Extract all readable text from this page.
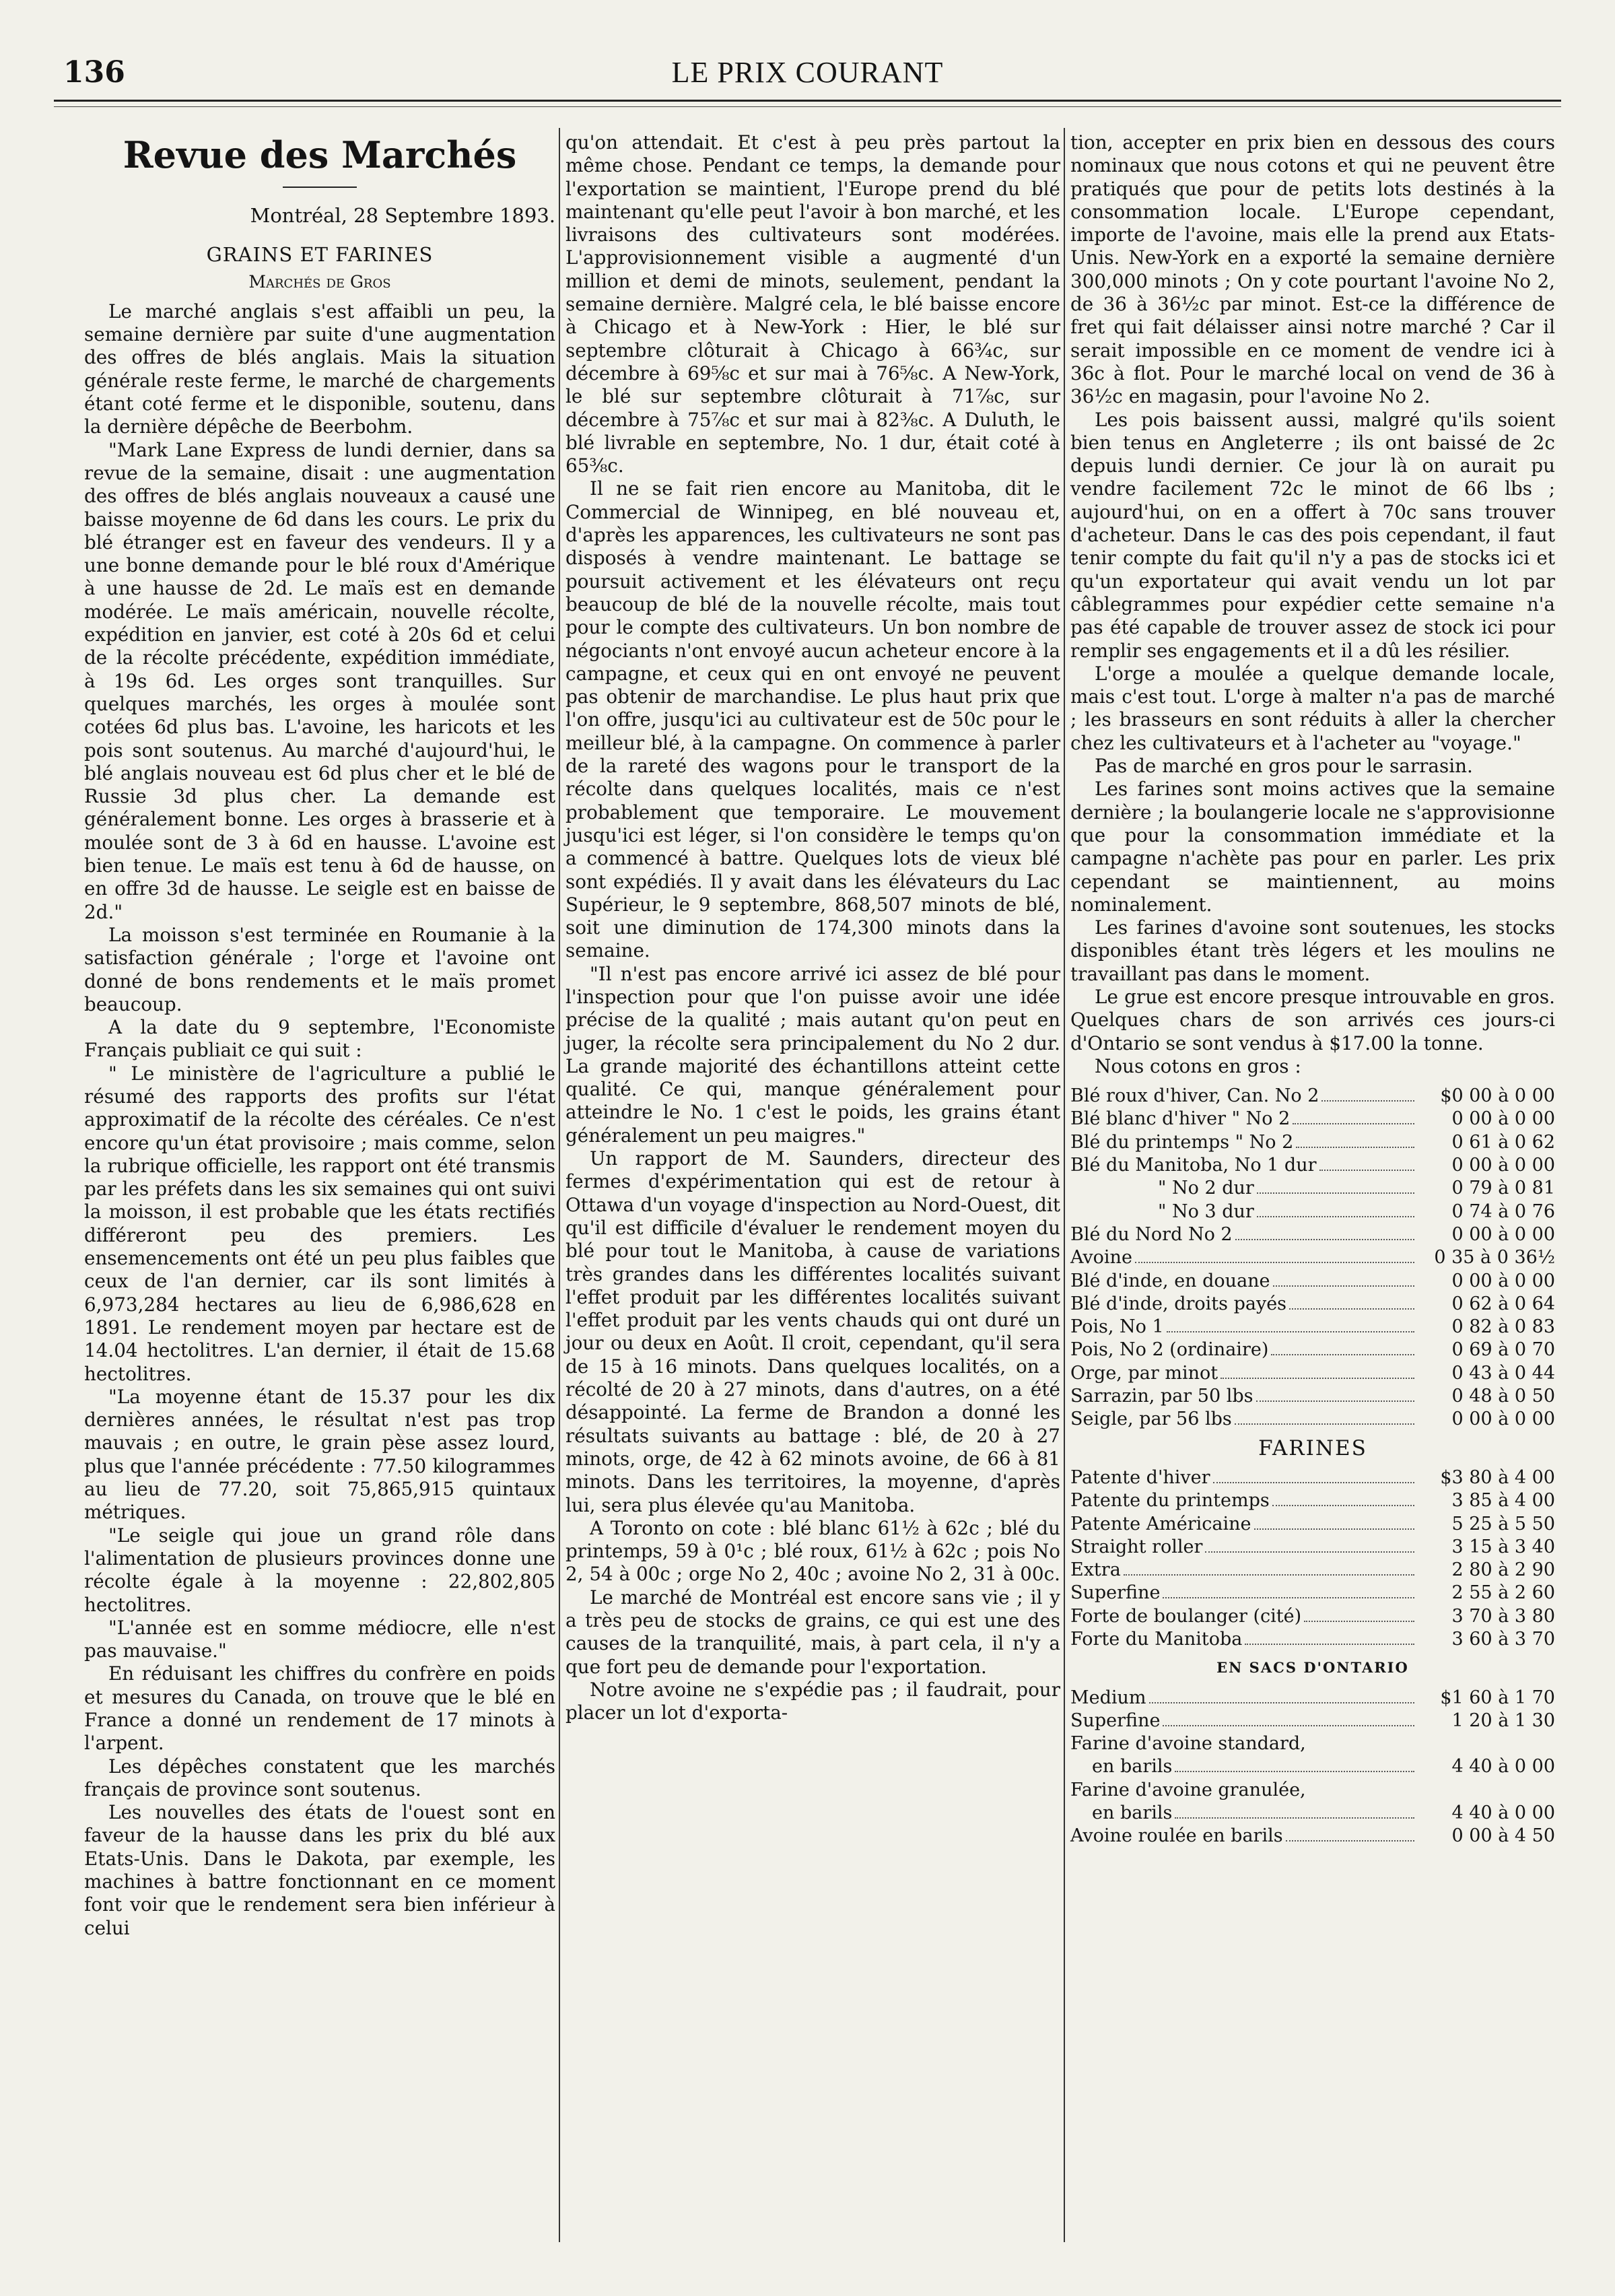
136	LE PRIX COURANT
Revue des Marchés
Montréal, 28 Septembre 1893.
GRAINS ET FARINES
Marchés de Gros

Le marché anglais s'est affaibli un peu, la semaine dernière par suite d'une augmentation des offres de blés anglais. Mais la situation générale reste ferme, le marché de chargements étant coté ferme et le disponible, soutenu, dans la dernière dépêche de Beerbohm.

"Mark Lane Express de lundi dernier, dans sa revue de la semaine, disait : une augmentation des offres de blés anglais nouveaux a causé une baisse moyenne de 6d dans les cours. Le prix du blé étranger est en faveur des vendeurs. Il y a une bonne demande pour le blé roux d'Amérique à une hausse de 2d. Le maïs est en demande modérée. Le maïs américain, nouvelle récolte, expédition en janvier, est coté à 20s 6d et celui de la récolte précédente, expédition immédiate, à 19s 6d. Les orges sont tranquilles. Sur quelques marchés, les orges à moulée sont cotées 6d plus bas. L'avoine, les haricots et les pois sont soutenus. Au marché d'aujourd'hui, le blé anglais nouveau est 6d plus cher et le blé de Russie 3d plus cher. La demande est généralement bonne. Les orges à brasserie et à moulée sont de 3 à 6d en hausse. L'avoine est bien tenue. Le maïs est tenu à 6d de hausse, on en offre 3d de hausse. Le seigle est en baisse de 2d."

La moisson s'est terminée en Roumanie à la satisfaction générale ; l'orge et l'avoine ont donné de bons rendements et le maïs promet beaucoup.

A la date du 9 septembre, l'Economiste Français publiait ce qui suit :

" Le ministère de l'agriculture a publié le résumé des rapports des profits sur l'état approximatif de la récolte des céréales. Ce n'est encore qu'un état provisoire ; mais comme, selon la rubrique officielle, les rapport ont été transmis par les préfets dans les six semaines qui ont suivi la moisson, il est probable que les états rectifiés différeront peu des premiers. Les ensemencements ont été un peu plus faibles que ceux de l'an dernier, car ils sont limités à 6,973,284 hectares au lieu de 6,986,628 en 1891. Le rendement moyen par hectare est de 14.04 hectolitres. L'an dernier, il était de 15.68 hectolitres.

"La moyenne étant de 15.37 pour les dix dernières années, le résultat n'est pas trop mauvais ; en outre, le grain pèse assez lourd, plus que l'année précédente : 77.50 kilogrammes au lieu de 77.20, soit 75,865,915 quintaux métriques.

"Le seigle qui joue un grand rôle dans l'alimentation de plusieurs provinces donne une récolte égale à la moyenne : 22,802,805 hectolitres.

"L'année est en somme médiocre, elle n'est pas mauvaise."

En réduisant les chiffres du confrère en poids et mesures du Canada, on trouve que le blé en France a donné un rendement de 17 minots à l'arpent.

Les dépêches constatent que les marchés français de province sont soutenus.

Les nouvelles des états de l'ouest sont en faveur de la hausse dans les prix du blé aux Etats-Unis. Dans le Dakota, par exemple, les machines à battre fonctionnant en ce moment font voir que le rendement sera bien inférieur à celui

qu'on attendait. Et c'est à peu près partout la même chose. Pendant ce temps, la demande pour l'exportation se maintient, l'Europe prend du blé maintenant qu'elle peut l'avoir à bon marché, et les livraisons des cultivateurs sont modérées. L'approvisionnement visible a augmenté d'un million et demi de minots, seulement, pendant la semaine dernière. Malgré cela, le blé baisse encore à Chicago et à New-York : Hier, le blé sur septembre clôturait à Chicago à 66¾c, sur décembre à 69⅝c et sur mai à 76⅝c. A New-York, le blé sur septembre clôturait à 71⅞c, sur décembre à 75⅞c et sur mai à 82⅜c. A Duluth, le blé livrable en septembre, No. 1 dur, était coté à 65⅜c.

Il ne se fait rien encore au Manitoba, dit le Commercial de Winnipeg, en blé nouveau et, d'après les apparences, les cultivateurs ne sont pas disposés à vendre maintenant. Le battage se poursuit activement et les élévateurs ont reçu beaucoup de blé de la nouvelle récolte, mais tout pour le compte des cultivateurs. Un bon nombre de négociants n'ont envoyé aucun acheteur encore à la campagne, et ceux qui en ont envoyé ne peuvent pas obtenir de marchandise. Le plus haut prix que l'on offre, jusqu'ici au cultivateur est de 50c pour le meilleur blé, à la campagne. On commence à parler de la rareté des wagons pour le transport de la récolte dans quelques localités, mais ce n'est probablement que temporaire. Le mouvement jusqu'ici est léger, si l'on considère le temps qu'on a commencé à battre. Quelques lots de vieux blé sont expédiés. Il y avait dans les élévateurs du Lac Supérieur, le 9 septembre, 868,507 minots de blé, soit une diminution de 174,300 minots dans la semaine.

"Il n'est pas encore arrivé ici assez de blé pour l'inspection pour que l'on puisse avoir une idée précise de la qualité ; mais autant qu'on peut en juger, la récolte sera principalement du No 2 dur. La grande majorité des échantillons atteint cette qualité. Ce qui, manque généralement pour atteindre le No. 1 c'est le poids, les grains étant généralement un peu maigres."

Un rapport de M. Saunders, directeur des fermes d'expérimentation qui est de retour à Ottawa d'un voyage d'inspection au Nord-Ouest, dit qu'il est difficile d'évaluer le rendement moyen du blé pour tout le Manitoba, à cause de variations très grandes dans les différentes localités suivant l'effet produit par les différentes localités suivant l'effet produit par les vents chauds qui ont duré un jour ou deux en Août. Il croit, cependant, qu'il sera de 15 à 16 minots. Dans quelques localités, on a récolté de 20 à 27 minots, dans d'autres, on a été désappointé. La ferme de Brandon a donné les résultats suivants au battage : blé, de 20 à 27 minots, orge, de 42 à 62 minots avoine, de 66 à 81 minots. Dans les territoires, la moyenne, d'après lui, sera plus élevée qu'au Manitoba.

A Toronto on cote : blé blanc 61½ à 62c ; blé du printemps, 59 à 0¹c ; blé roux, 61½ à 62c ; pois No 2, 54 à 00c ; orge No 2, 40c ; avoine No 2, 31 à 00c.

Le marché de Montréal est encore sans vie ; il y a très peu de stocks de grains, ce qui est une des causes de la tranquilité, mais, à part cela, il n'y a que fort peu de demande pour l'exportation.

Notre avoine ne s'expédie pas ; il faudrait, pour placer un lot d'exporta-

tion, accepter en prix bien en dessous des cours nominaux que nous cotons et qui ne peuvent être pratiqués que pour de petits lots destinés à la consommation locale. L'Europe cependant, importe de l'avoine, mais elle la prend aux Etats-Unis. New-York en a exporté la semaine dernière 300,000 minots ; On y cote pourtant l'avoine No 2, de 36 à 36½c par minot. Est-ce la différence de fret qui fait délaisser ainsi notre marché ? Car il serait impossible en ce moment de vendre ici à 36c à flot. Pour le marché local on vend de 36 à 36½c en magasin, pour l'avoine No 2.

Les pois baissent aussi, malgré qu'ils soient bien tenus en Angleterre ; ils ont baissé de 2c depuis lundi dernier. Ce jour là on aurait pu vendre facilement 72c le minot de 66 lbs ; aujourd'hui, on en a offert à 70c sans trouver d'acheteur. Dans le cas des pois cependant, il faut tenir compte du fait qu'il n'y a pas de stocks ici et qu'un exportateur qui avait vendu un lot par câblegrammes pour expédier cette semaine n'a pas été capable de trouver assez de stock ici pour remplir ses engagements et il a dû les résilier.

L'orge a moulée a quelque demande locale, mais c'est tout. L'orge à malter n'a pas de marché ; les brasseurs en sont réduits à aller la chercher chez les cultivateurs et à l'acheter au "voyage."

Pas de marché en gros pour le sarrasin.

Les farines sont moins actives que la semaine dernière ; la boulangerie locale ne s'approvisionne que pour la consommation immédiate et la campagne n'achète pas pour en parler. Les prix cependant se maintiennent, au moins nominalement.

Les farines d'avoine sont soutenues, les stocks disponibles étant très légers et les moulins ne travaillant pas dans le moment.

Le grue est encore presque introuvable en gros. Quelques chars de son arrivés ces jours-ci d'Ontario se sont vendus à $17.00 la tonne.

Nous cotons en gros :

Blé roux d'hiver, Can. No 2	$0 00 à 0 00
Blé blanc d'hiver " No 2	0 00 à 0 00
Blé du printemps " No 2	0 61 à 0 62
Blé du Manitoba, No 1 dur	0 00 à 0 00
" No 2 dur	0 79 à 0 81
" No 3 dur	0 74 à 0 76
Blé du Nord No 2	0 00 à 0 00
Avoine	0 35 à 0 36½
Blé d'inde, en douane	0 00 à 0 00
Blé d'inde, droits payés	0 62 à 0 64
Pois, No 1	0 82 à 0 83
Pois, No 2 (ordinaire)	0 69 à 0 70
Orge, par minot	0 43 à 0 44
Sarrazin, par 50 lbs	0 48 à 0 50
Seigle, par 56 lbs	0 00 à 0 00
FARINES
Patente d'hiver	$3 80 à 4 00
Patente du printemps	3 85 à 4 00
Patente Américaine	5 25 à 5 50
Straight roller	3 15 à 3 40
Extra	2 80 à 2 90
Superfine	2 55 à 2 60
Forte de boulanger (cité)	3 70 à 3 80
Forte du Manitoba	3 60 à 3 70
EN SACS D'ONTARIO
Medium	$1 60 à 1 70
Superfine	1 20 à 1 30
Farine d'avoine standard,
en barils	4 40 à 0 00
Farine d'avoine granulée,
en barils	4 40 à 0 00
Avoine roulée en barils	0 00 à 4 50
